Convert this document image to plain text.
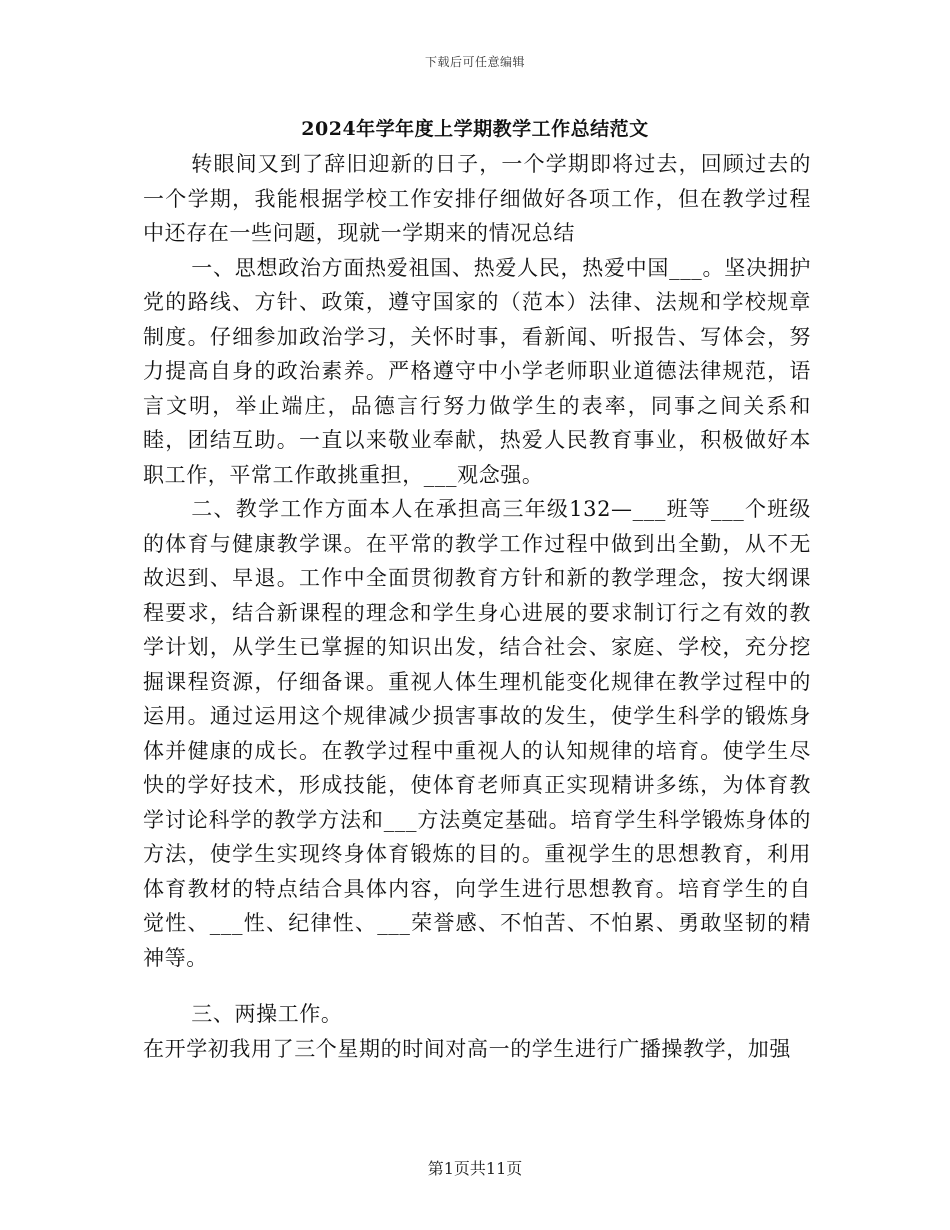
下载后可任意编辑
2024年学年度上学期教学工作总结范文

转眼间又到了辞旧迎新的日子，一个学期即将过去，回顾过去的一个学期，我能根据学校工作安排仔细做好各项工作，但在教学过程中还存在一些问题，现就一学期来的情况总结

一、思想政治方面热爱祖国、热爱人民，热爱中国___。坚决拥护党的路线、方针、政策，遵守国家的（范本）法律、法规和学校规章制度。仔细参加政治学习，关怀时事，看新闻、听报告、写体会，努力提高自身的政治素养。严格遵守中小学老师职业道德法律规范，语言文明，举止端庄，品德言行努力做学生的表率，同事之间关系和睦，团结互助。一直以来敬业奉献，热爱人民教育事业，积极做好本职工作，平常工作敢挑重担，___观念强。

二、教学工作方面本人在承担高三年级132—___班等___个班级的体育与健康教学课。在平常的教学工作过程中做到出全勤，从不无故迟到、早退。工作中全面贯彻教育方针和新的教学理念，按大纲课程要求，结合新课程的理念和学生身心进展的要求制订行之有效的教学计划，从学生已掌握的知识出发，结合社会、家庭、学校，充分挖掘课程资源，仔细备课。重视人体生理机能变化规律在教学过程中的运用。通过运用这个规律减少损害事故的发生，使学生科学的锻炼身体并健康的成长。在教学过程中重视人的认知规律的培育。使学生尽快的学好技术，形成技能，使体育老师真正实现精讲多练，为体育教学讨论科学的教学方法和___方法奠定基础。培育学生科学锻炼身体的方法，使学生实现终身体育锻炼的目的。重视学生的思想教育，利用体育教材的特点结合具体内容，向学生进行思想教育。培育学生的自觉性、___性、纪律性、___荣誉感、不怕苦、不怕累、勇敢坚韧的精神等。

三、两操工作。

在开学初我用了三个星期的时间对高一的学生进行广播操教学，加强

第1页共11页
